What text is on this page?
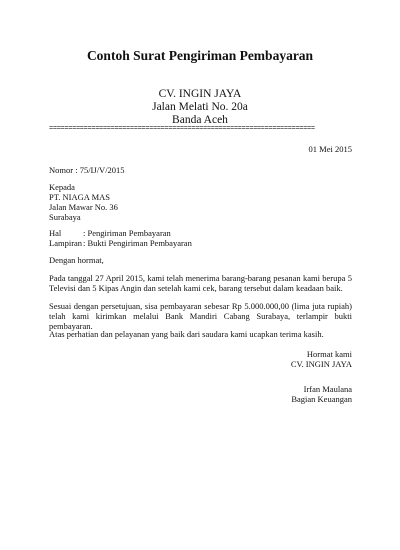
Contoh Surat Pengiriman Pembayaran
CV. INGIN JAYA
Jalan Melati No. 20a
Banda Aceh
=====================================================================
01 Mei 2015
Nomor : 75/IJ/V/2015
Kepada
PT. NIAGA MAS
Jalan Mawar No. 36
Surabaya
Hal	: Pengiriman Pembayaran
Lampiran : Bukti Pengiriman Pembayaran
Dengan hormat,
Pada tanggal 27 April 2015, kami telah menerima barang-barang pesanan kami berupa 5 Televisi dan 5 Kipas Angin dan setelah kami cek, barang tersebut dalam keadaan baik.
Sesuai dengan persetujuan, sisa pembayaran sebesar Rp 5.000.000,00 (lima juta rupiah) telah kami kirimkan melalui Bank Mandiri Cabang Surabaya, terlampir bukti pembayaran.
Atas perhatian dan pelayanan yang baik dari saudara kami ucapkan terima kasih.
Hormat kami
CV. INGIN JAYA
Irfan Maulana
Bagian Keuangan
